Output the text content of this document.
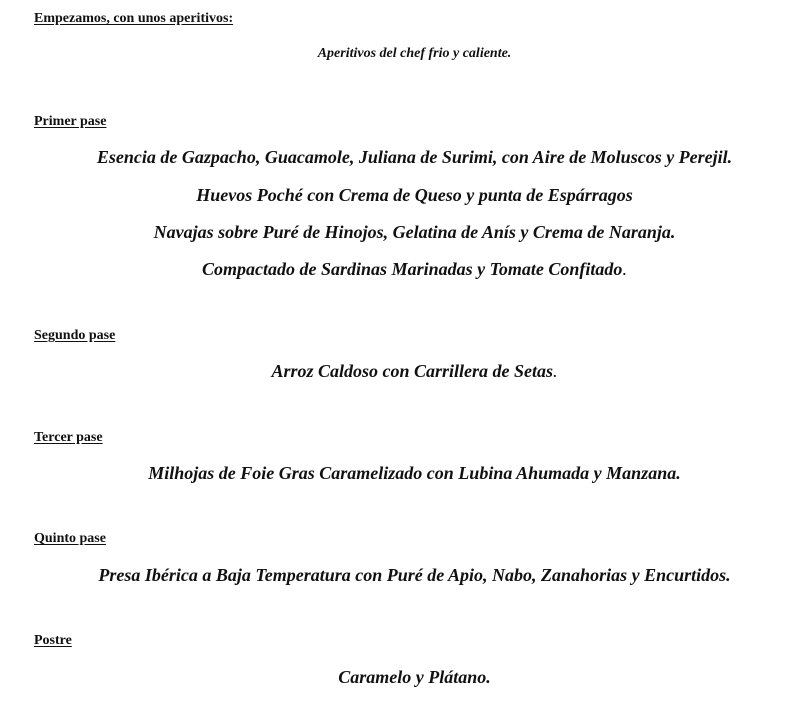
Empezamos, con unos aperitivos:

Aperitivos del chef frio y caliente.

Primer pase

Esencia de Gazpacho, Guacamole, Juliana de Surimi, con Aire de Moluscos y Perejil.

Huevos Poché con Crema de Queso y punta de Espárragos

Navajas sobre Puré de Hinojos, Gelatina de Anís y Crema de Naranja.

Compactado de Sardinas Marinadas y Tomate Confitado.

Segundo pase

Arroz Caldoso con Carrillera de Setas.

Tercer pase

Milhojas de Foie Gras Caramelizado con Lubina Ahumada y Manzana.

Quinto pase

Presa Ibérica a Baja Temperatura con Puré de Apio, Nabo, Zanahorias y Encurtidos.

Postre

Caramelo y Plátano.
